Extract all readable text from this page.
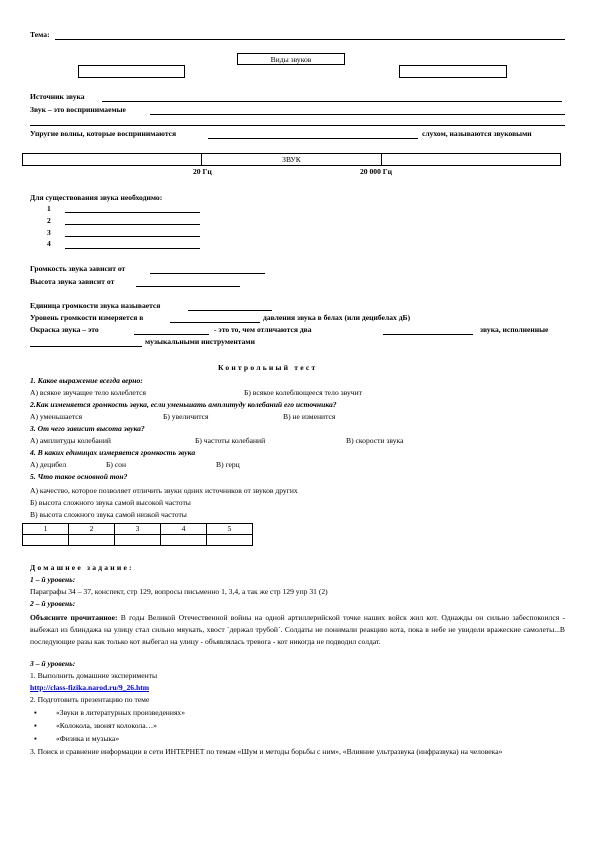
Тема:
Виды звуков
Источник звука
Звук – это воспринимаемые
Упругие волны, которые воспринимаются	слухом, называются звуковыми
ЗВУК
20 Гц	20 000 Гц
Для существования звука необходимо:
1
2
3
4
Громкость звука зависит от
Высота звука зависит от
Единица громкости звука называется
Уровень громкости измеряется в	давления звука в белах (или децибелах дБ)
Окраска звука – это	- это то, чем отличаются два	звука, исполненные
музыкальными инструментами
Контрольный тест
1. Какое выражение всегда верно:
А) всякое звучащее тело колеблется	Б) всякое колеблющееся тело звучит
2.Как изменяется громкость звука, если уменьшать амплитуду колебаний его источника?
А) уменьшается	Б) увеличится	В) не изменится
3. От чего зависит высота звука?
А) амплитуды колебаний	Б) частоты колебаний	В) скорости звука
4. В каких единицах измеряется громкость звука
А) децибел	Б) сон	В) герц
5. Что такое основной тон?
А) качество, которое позволяет отличить звуки одних источников от звуков других
Б) высота сложного звука самой высокой частоты
В) высота сложного звука самой низкой частоты
1	2	3	4	5

Домашнее задание:
1 – й уровень:
Параграфы 34 – 37, конспект, стр 129, вопросы письменно 1, 3,4, а так же стр 129 упр 31 (2)
2 – й уровень:
Объясните прочитанное: В годы Великой Отечественной войны на одной артиллерийской точке наших войск жил кот. Однажды он сильно забеспокоился - выбежал из блиндажа на улицу стал сильно мяукать, хвост `держал трубой`. Солдаты не понимали реакцию кота, пока в небе не увидели вражеские самолеты...В последующие разы как только кот выбегал на улицу - объявлялась тревога - кот никогда не подводил солдат.
3 – й уровень:
1. Выполнить домашние эксперименты
http://class-fizika.narod.ru/9_26.htm
2. Подготовить презентацию по теме
▪	«Звуки в литературных произведениях»
▪	«Колокола, звонят колокола…»
▪	«Физика и музыка»
3. Поиск и сравнение информации в сети ИНТЕРНЕТ по темам «Шум и методы борьбы с ним», «Влияние ультразвука (инфразвука) на человека»
